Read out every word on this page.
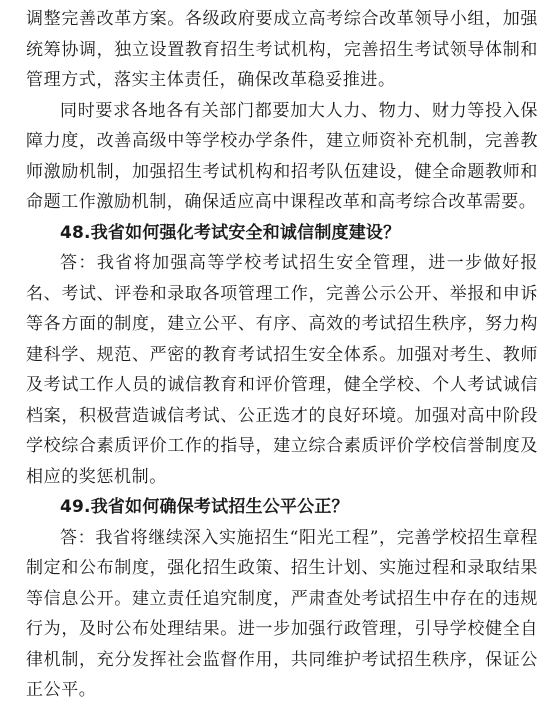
调整完善改革方案。各级政府要成立高考综合改革领导小组，加强统筹协调，独立设置教育招生考试机构，完善招生考试领导体制和管理方式，落实主体责任，确保改革稳妥推进。

同时要求各地各有关部门都要加大人力、物力、财力等投入保障力度，改善高级中等学校办学条件，建立师资补充机制，完善教师激励机制，加强招生考试机构和招考队伍建设，健全命题教师和命题工作激励机制，确保适应高中课程改革和高考综合改革需要。

48.我省如何强化考试安全和诚信制度建设？

答：我省将加强高等学校考试招生安全管理，进一步做好报名、考试、评卷和录取各项管理工作，完善公示公开、举报和申诉等各方面的制度，建立公平、有序、高效的考试招生秩序，努力构建科学、规范、严密的教育考试招生安全体系。加强对考生、教师及考试工作人员的诚信教育和评价管理，健全学校、个人考试诚信档案，积极营造诚信考试、公正选才的良好环境。加强对高中阶段学校综合素质评价工作的指导，建立综合素质评价学校信誉制度及相应的奖惩机制。

49.我省如何确保考试招生公平公正？

答：我省将继续深入实施招生“阳光工程”，完善学校招生章程制定和公布制度，强化招生政策、招生计划、实施过程和录取结果等信息公开。建立责任追究制度，严肃查处考试招生中存在的违规行为，及时公布处理结果。进一步加强行政管理，引导学校健全自律机制，充分发挥社会监督作用，共同维护考试招生秩序，保证公正公平。
